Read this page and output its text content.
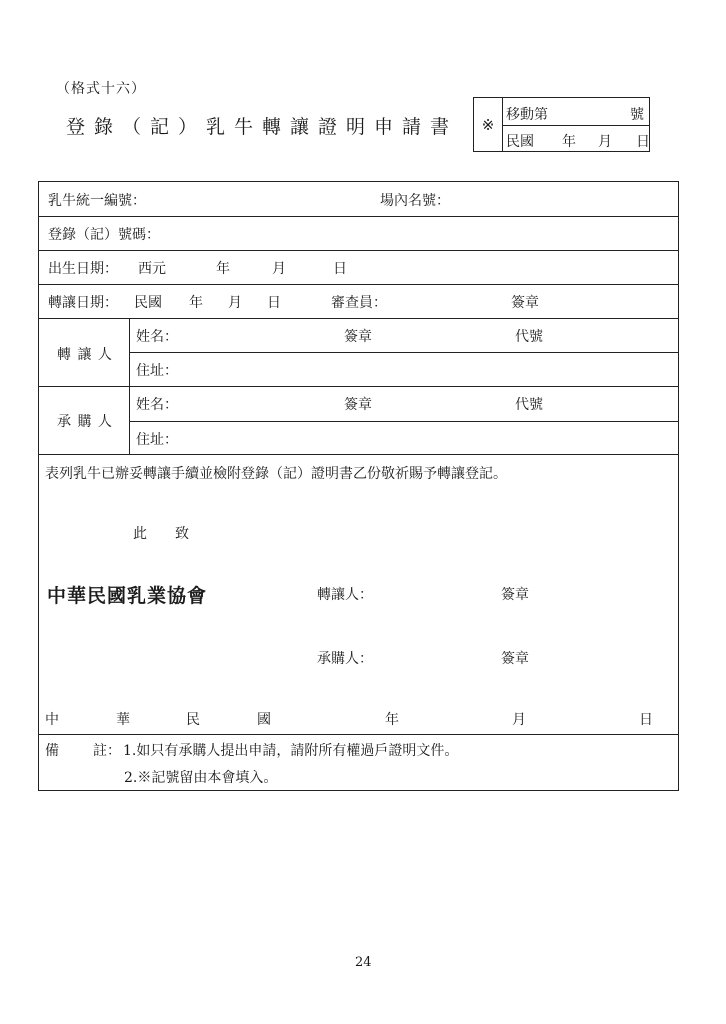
（格式十六）
登錄（記）乳牛轉讓證明申請書	※
移動第	號
民國 年 月 日
乳牛統一編號：	場內名號：
登錄（記）號碼：
出生日期： 西元	年	月	日
轉讓日期： 民國 年 月 日	審查員：	簽章
轉 讓 人
姓名：	簽章	代號
住址：
承 購 人
姓名：	簽章	代號
住址：
表列乳牛已辦妥轉讓手續並檢附登錄（記）證明書乙份敬祈賜予轉讓登記。
此　　致
中華民國乳業協會	轉讓人：	簽章
承購人：	簽章
中	華	民	國	年	月	日
備 註： 1.如只有承購人提出申請，請附所有權過戶證明文件。
2.※記號留由本會填入。
24
